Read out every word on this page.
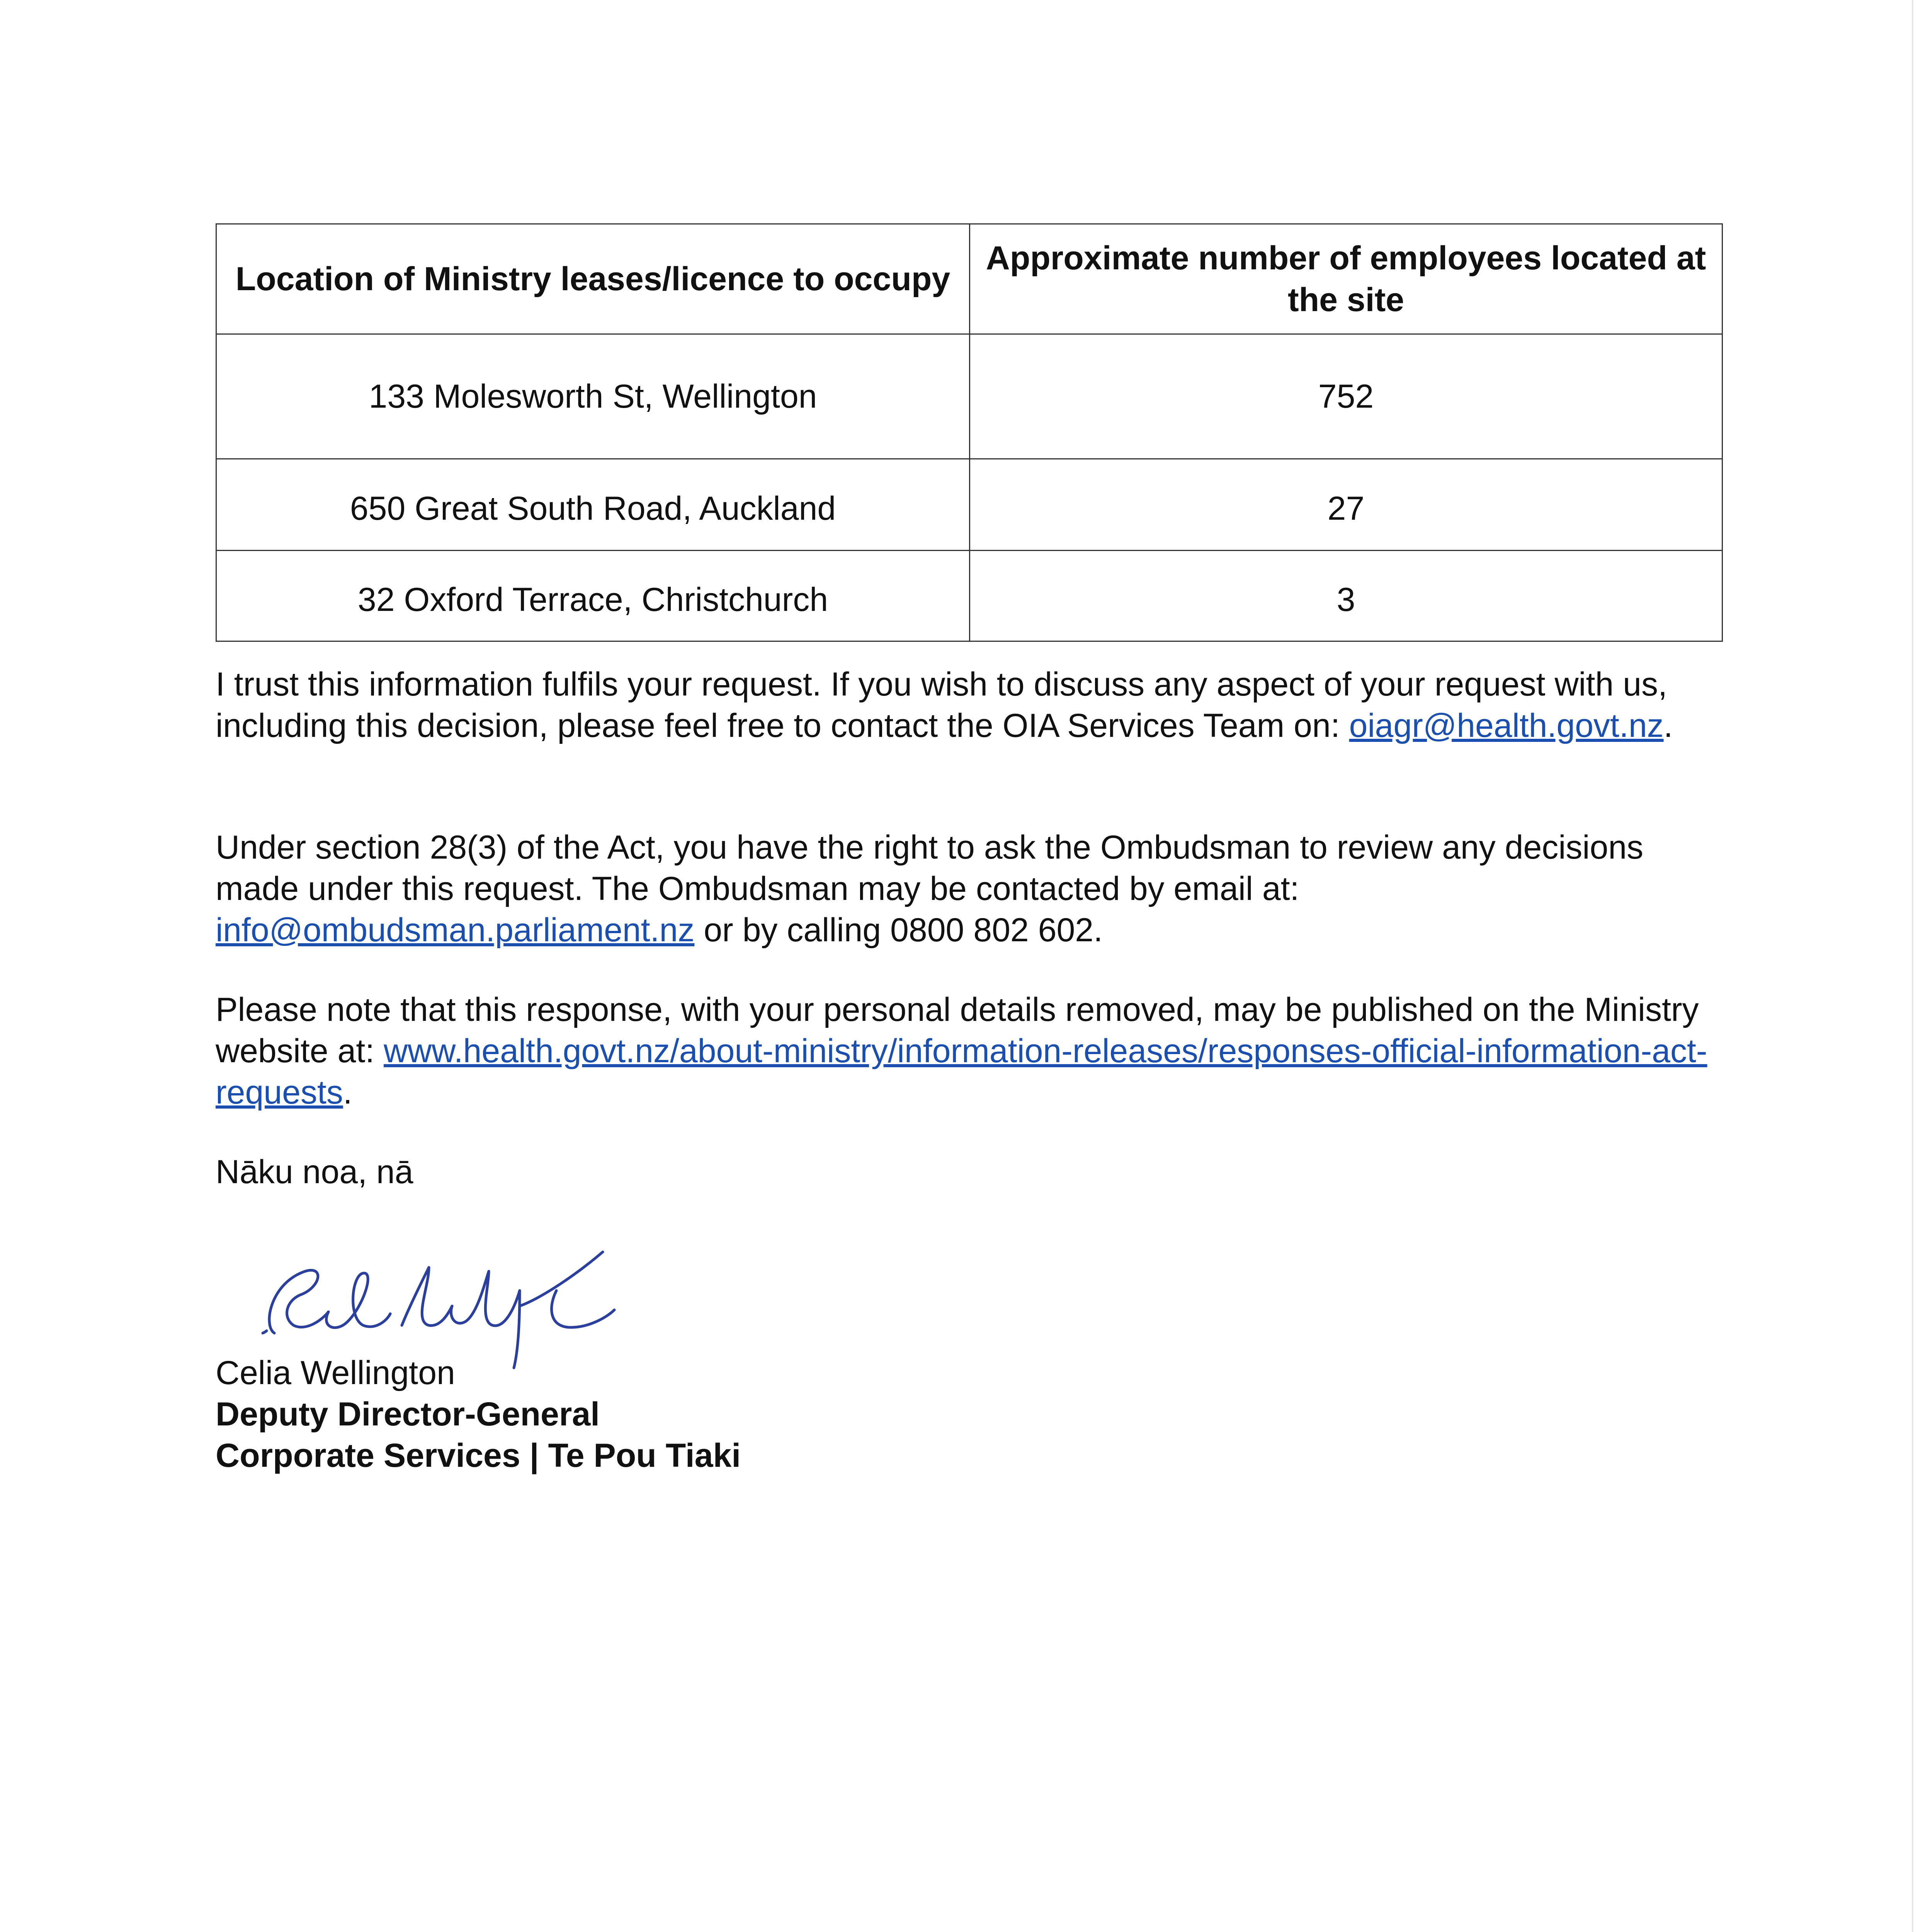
Location of Ministry leases/licence to occupy	Approximate number of employees located at the site
133 Molesworth St, Wellington	752
650 Great South Road, Auckland	27
32 Oxford Terrace, Christchurch	3

I trust this information fulfils your request. If you wish to discuss any aspect of your request with us, including this decision, please feel free to contact the OIA Services Team on: oiagr@health.govt.nz.

Under section 28(3) of the Act, you have the right to ask the Ombudsman to review any decisions made under this request. The Ombudsman may be contacted by email at: info@ombudsman.parliament.nz or by calling 0800 802 602.

Please note that this response, with your personal details removed, may be published on the Ministry website at: www.health.govt.nz/about-ministry/information-releases/responses-official-information-act-requests.

Nāku noa, nā

Celia Wellington
Deputy Director-General
Corporate Services | Te Pou Tiaki
